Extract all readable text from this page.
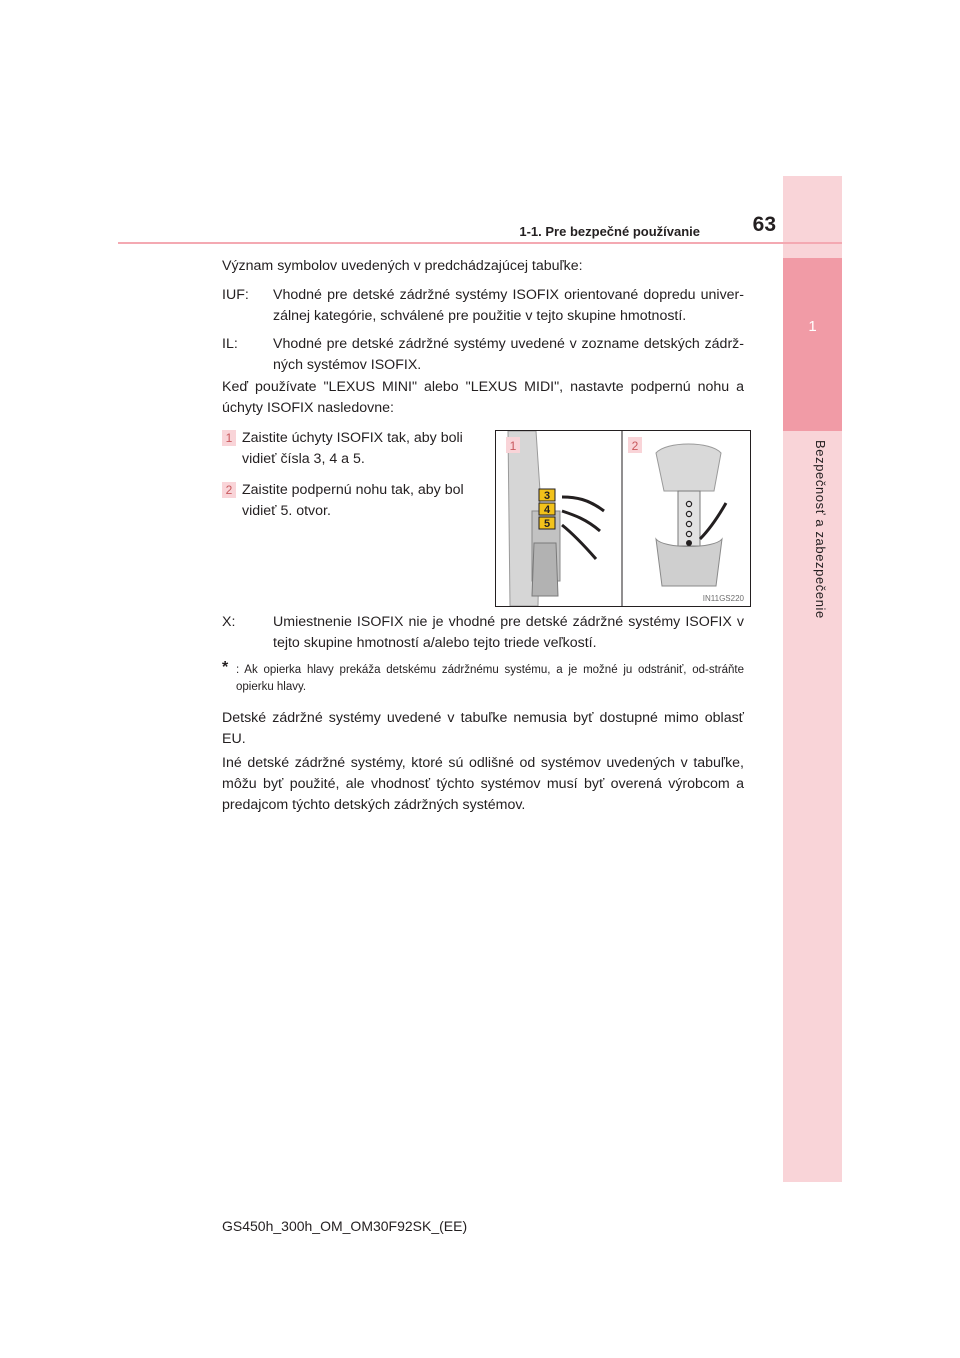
1
Bezpečnosť a zabezpečenie
1-1. Pre bezpečné používanie	63
Význam symbolov uvedených v predchádzajúcej tabuľke:
IUF: Vhodné pre detské zádržné systémy ISOFIX orientované dopredu univer-zálnej kategórie, schválené pre použitie v tejto skupine hmotností.
IL: Vhodné pre detské zádržné systémy uvedené v zozname detských zádrž-ných systémov ISOFIX.
Keď používate "LEXUS MINI" alebo "LEXUS MIDI", nastavte podpernú nohu a úchyty ISOFIX nasledovne:
1 Zaistite úchyty ISOFIX tak, aby boli vidieť čísla 3, 4 a 5.
2 Zaistite podpernú nohu tak, aby bol vidieť 5. otvor.
3
4
5
1	2
IN11GS220
X:	Umiestnenie ISOFIX nie je vhodné pre detské zádržné systémy ISOFIX v tejto skupine hmotností a/alebo tejto triede veľkostí.
* : Ak opierka hlavy prekáža detskému zádržnému systému, a je možné ju odstrániť, od-stráňte opierku hlavy.
Detské zádržné systémy uvedené v tabuľke nemusia byť dostupné mimo oblasť EU.
Iné detské zádržné systémy, ktoré sú odlišné od systémov uvedených v tabuľke, môžu byť použité, ale vhodnosť týchto systémov musí byť overená výrobcom a predajcom týchto detských zádržných systémov.
GS450h_300h_OM_OM30F92SK_(EE)
